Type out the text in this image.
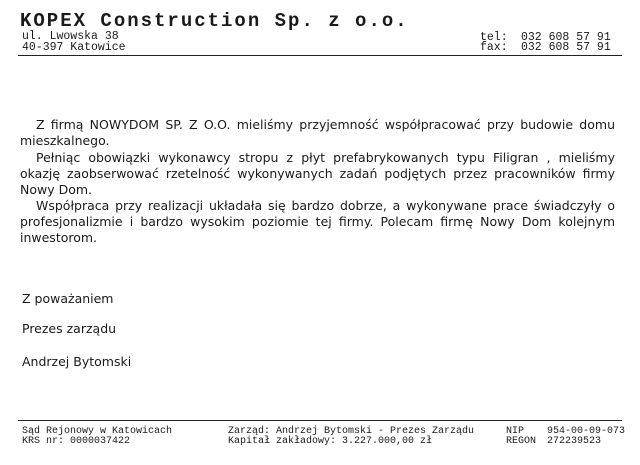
KOPEX Construction Sp. z o.o.
ul. Lwowska 38
40-397 Katowice
tel: 032 608 57 91
fax: 032 608 57 91
Z firmą NOWYDOM SP. Z O.O. mieliśmy przyjemność współpracować przy budowie domu mieszkalnego.
Pełniąc obowiązki wykonawcy stropu z płyt prefabrykowanych typu Filigran , mieliśmy okazję zaobserwować rzetelność wykonywanych zadań podjętych przez pracowników firmy Nowy Dom.
Współpraca przy realizacji układała się bardzo dobrze, a wykonywane prace świadczyły o profesjonalizmie i bardzo wysokim poziomie tej firmy. Polecam firmę Nowy Dom kolejnym inwestorom.
Z poważaniem
Prezes zarządu
Andrzej Bytomski
Sąd Rejonowy w Katowicach
KRS nr: 0000037422
Zarząd: Andrzej Bytomski - Prezes Zarządu
Kapitał zakładowy: 3.227.000,00 zł
NIP 954-00-09-073
REGON 272239523
